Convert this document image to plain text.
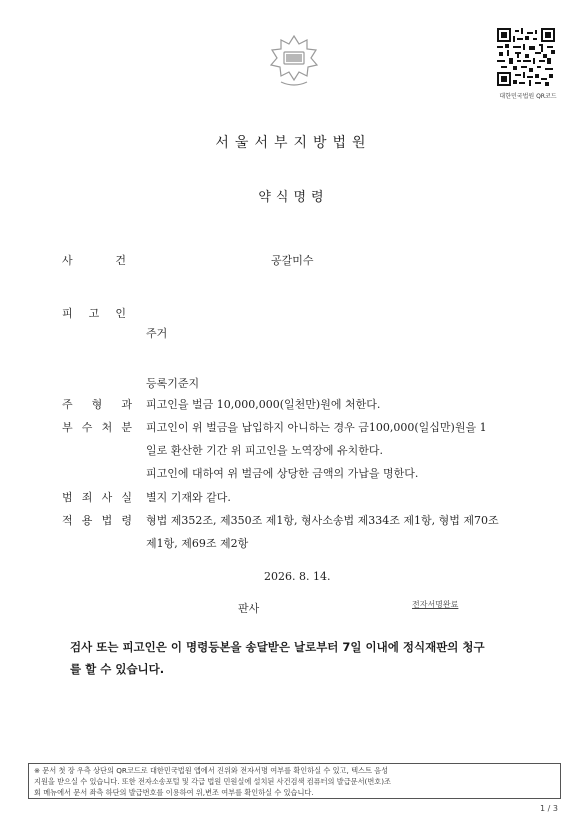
대한민국법원 QR코드
서울서부지방법원
약식명령
사	건	공갈미수
피 고 인
주거
등록기준지
주 형 과 피고인을 벌금 10,000,000(일천만)원에 처한다.
부 수 처 분 피고인이 위 벌금을 납입하지 아니하는 경우 금100,000(일십만)원을 1
일로 환산한 기간 위 피고인을 노역장에 유치한다.
피고인에 대하여 위 벌금에 상당한 금액의 가납을 명한다.
범 죄 사 실 별지 기재와 같다.
적 용 법 령 형법 제352조, 제350조 제1항, 형사소송법 제334조 제1항, 형법 제70조
제1항, 제69조 제2항
2026. 8. 14.
판사	전자서명완료
검사 또는 피고인은 이 명령등본을 송달받은 날로부터 7일 이내에 정식재판의 청구
를 할 수 있습니다.
※ 문서 첫 장 우측 상단의 QR코드로 대한민국법원 앱에서 진위와 전자서명 여부를 확인하실 수 있고, 텍스트 음성
지원을 받으실 수 있습니다. 또한 전자소송포털 및 각급 법원 민원실에 설치된 사건검색 컴퓨터의 발급문서(번호)조
회 메뉴에서 문서 좌측 하단의 발급번호를 이용하여 위,변조 여부를 확인하실 수 있습니다.
1 / 3
